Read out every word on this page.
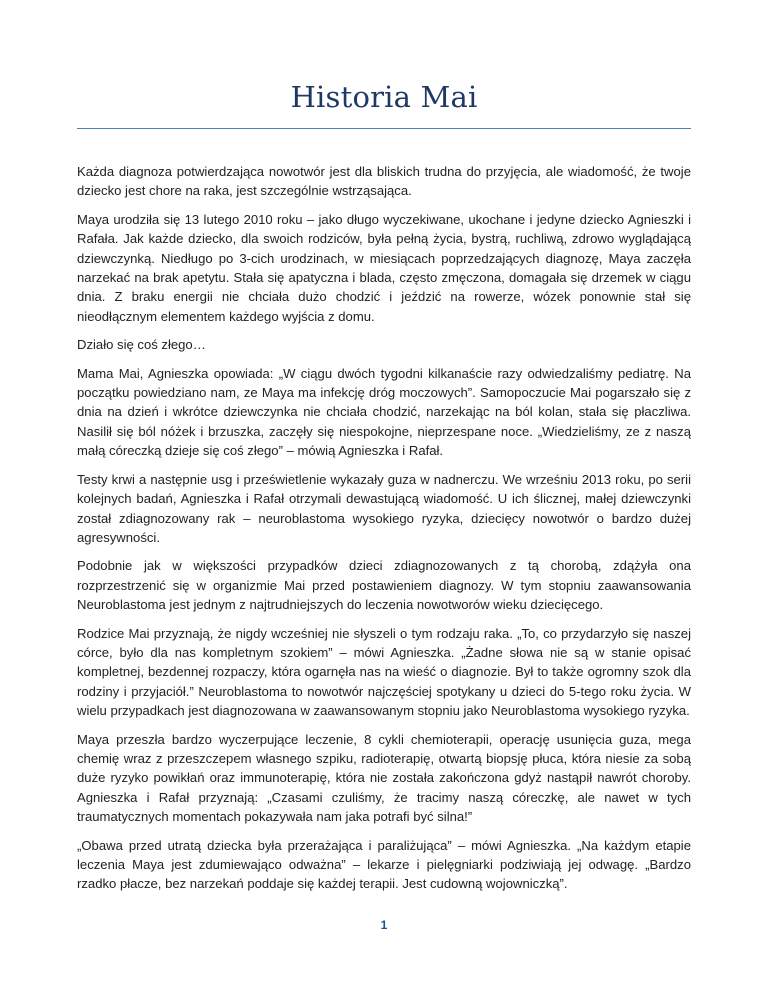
Historia Mai

Każda diagnoza potwierdzająca nowotwór jest dla bliskich trudna do przyjęcia, ale wiadomość, że twoje dziecko jest chore na raka, jest szczególnie wstrząsająca.

Maya urodziła się 13 lutego 2010 roku – jako długo wyczekiwane, ukochane i jedyne dziecko Agnieszki i Rafała. Jak każde dziecko, dla swoich rodziców, była pełną życia, bystrą, ruchliwą, zdrowo wyglądającą dziewczynką. Niedługo po 3-cich urodzinach, w miesiącach poprzedzających diagnozę, Maya zaczęła narzekać na brak apetytu. Stała się apatyczna i blada, często zmęczona, domagała się drzemek w ciągu dnia. Z braku energii nie chciała dużo chodzić i jeździć na rowerze, wózek ponownie stał się nieodłącznym elementem każdego wyjścia z domu.

Działo się coś złego…

Mama Mai, Agnieszka opowiada: „W ciągu dwóch tygodni kilkanaście razy odwiedzaliśmy pediatrę. Na początku powiedziano nam, ze Maya ma infekcję dróg moczowych”. Samopoczucie Mai pogarszało się z dnia na dzień i wkrótce dziewczynka nie chciała chodzić, narzekając na ból kolan, stała się płaczliwa. Nasilił się ból nóżek i brzuszka, zaczęły się niespokojne, nieprzespane noce. „Wiedzieliśmy, ze z naszą małą córeczką dzieje się coś złego” – mówią Agnieszka i Rafał.

Testy krwi a następnie usg i prześwietlenie wykazały guza w nadnerczu. We wrześniu 2013 roku, po serii kolejnych badań, Agnieszka i Rafał otrzymali dewastującą wiadomość. U ich ślicznej, małej dziewczynki został zdiagnozowany rak – neuroblastoma wysokiego ryzyka, dziecięcy nowotwór o bardzo dużej agresywności.

Podobnie jak w większości przypadków dzieci zdiagnozowanych z tą chorobą, zdążyła ona rozprzestrzenić się w organizmie Mai przed postawieniem diagnozy. W tym stopniu zaawansowania Neuroblastoma jest jednym z najtrudniejszych do leczenia nowotworów wieku dziecięcego.

Rodzice Mai przyznają, że nigdy wcześniej nie słyszeli o tym rodzaju raka. „To, co przydarzyło się naszej córce, było dla nas kompletnym szokiem” – mówi Agnieszka. „Żadne słowa nie są w stanie opisać kompletnej, bezdennej rozpaczy, która ogarnęła nas na wieść o diagnozie. Był to także ogromny szok dla rodziny i przyjaciół.” Neuroblastoma to nowotwór najczęściej spotykany u dzieci do 5-tego roku życia. W wielu przypadkach jest diagnozowana w zaawansowanym stopniu jako Neuroblastoma wysokiego ryzyka.

Maya przeszła bardzo wyczerpujące leczenie, 8 cykli chemioterapii, operację usunięcia guza, mega chemię wraz z przeszczepem własnego szpiku, radioterapię, otwartą biopsję płuca, która niesie za sobą duże ryzyko powikłań oraz immunoterapię, która nie została zakończona gdyż nastąpił nawrót choroby. Agnieszka i Rafał przyznają: „Czasami czuliśmy, że tracimy naszą córeczkę, ale nawet w tych traumatycznych momentach pokazywała nam jaka potrafi być silna!”

„Obawa przed utratą dziecka była przerażająca i paraliżująca” – mówi Agnieszka. „Na każdym etapie leczenia Maya jest zdumiewająco odważna” – lekarze i pielęgniarki podziwiają jej odwagę. „Bardzo rzadko płacze, bez narzekań poddaje się każdej terapii. Jest cudowną wojowniczką”.

1
